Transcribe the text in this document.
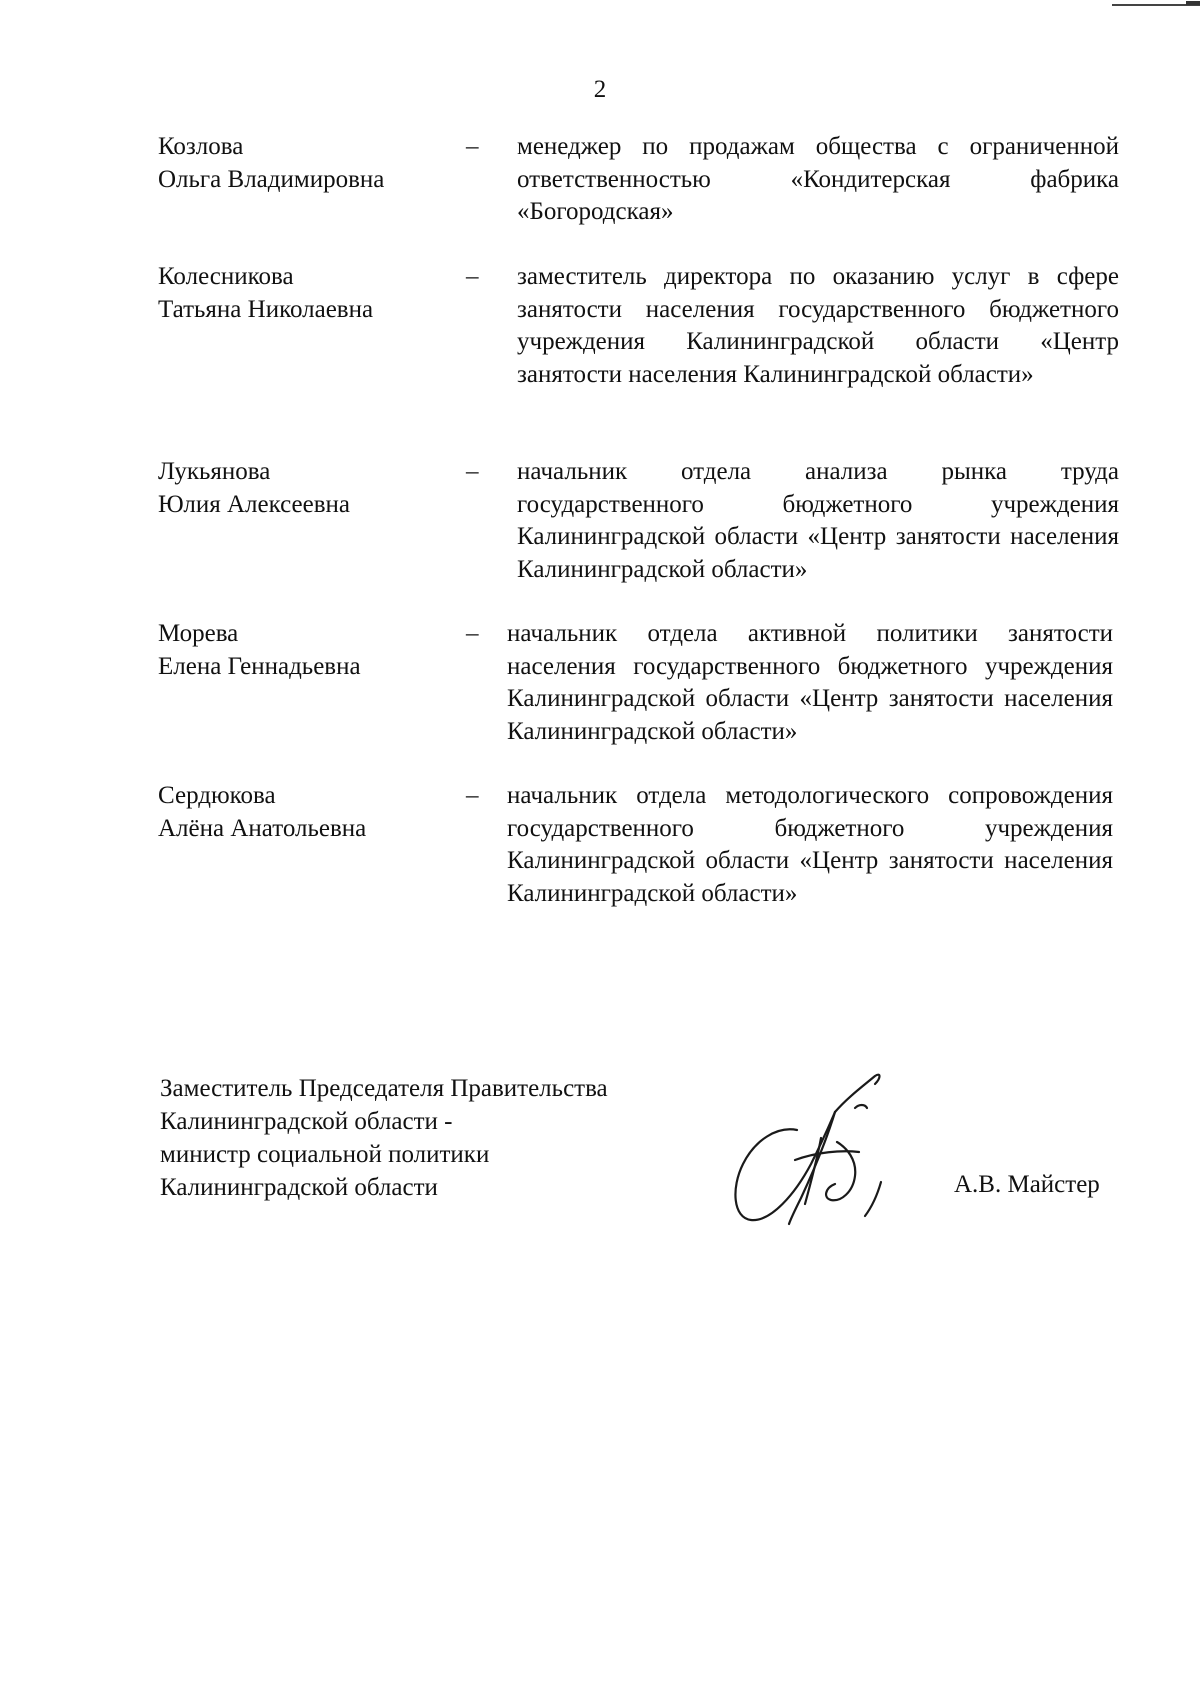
2
Козлова
Ольга Владимировна
– менеджер по продажам общества с ограниченной ответственностью «Кондитерская фабрика «Богородская»
Колесникова
Татьяна Николаевна
– заместитель директора по оказанию услуг в сфере занятости населения государственного бюджетного учреждения Калининградской области «Центр занятости населения Калининградской области»
Лукьянова
Юлия Алексеевна
– начальник отдела анализа рынка труда государственного бюджетного учреждения Калининградской области «Центр занятости населения Калининградской области»
Морева
Елена Геннадьевна
– начальник отдела активной политики занятости населения государственного бюджетного учреждения Калининградской области «Центр занятости населения Калининградской области»
Сердюкова
Алёна Анатольевна
– начальник отдела методологического сопровождения государственного бюджетного учреждения Калининградской области «Центр занятости населения Калининградской области»
Заместитель Председателя Правительства
Калининградской области -
министр социальной политики
Калининградской области	А.В. Майстер
